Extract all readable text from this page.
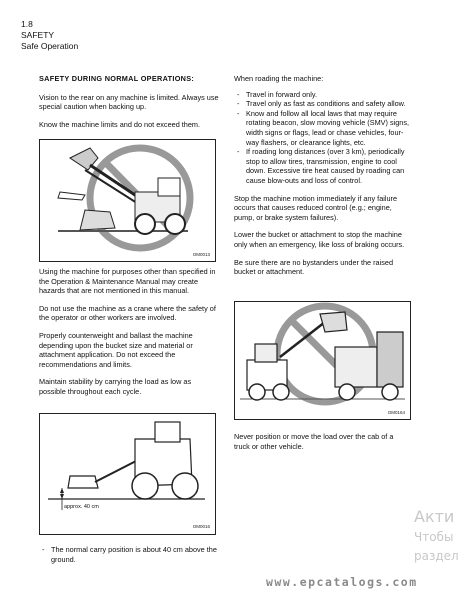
1.8
SAFETY
Safe Operation

SAFETY DURING NORMAL OPERATIONS:

Vision to the rear on any machine is limited. Always use special caution when backing up.

Know the machine limits and do not exceed them.

OM0013

Using the machine for purposes other than specified in the Operation & Maintenance Manual may create hazards that are not mentioned in this manual.

Do not use the machine as a crane where the safety of the operator or other workers are involved.

Properly counterweight and ballast the machine depending upon the bucket size and material or attachment application. Do not exceed the recommendations and limits.

Maintain stability by carrying the load as low as possible throughout each cycle.

approx. 40 cm
OM0016
- The normal carry position is about 40 cm above the ground.

When roading the machine:

- Travel in forward only.
- Travel only as fast as conditions and safety allow.
- Know and follow all local laws that may require rotating beacon, slow moving vehicle (SMV) signs, width signs or flags, lead or chase vehicles, four-way flashers, or clearance lights, etc.
- If roading long distances (over 3 km), periodically stop to allow tires, transmission, engine to cool down. Excessive tire heat caused by roading can cause blow-outs and loss of control.

Stop the machine motion immediately if any failure occurs that causes reduced control (e.g.; engine, pump, or brake system failures).

Lower the bucket or attachment to stop the machine only when an emergency, like loss of braking occurs.

Be sure there are no bystanders under the raised bucket or attachment.

OM0164

Never position or move the load over the cab of a truck or other vehicle.

Акти
Чтобы
раздел
www.epcatalogs.com
